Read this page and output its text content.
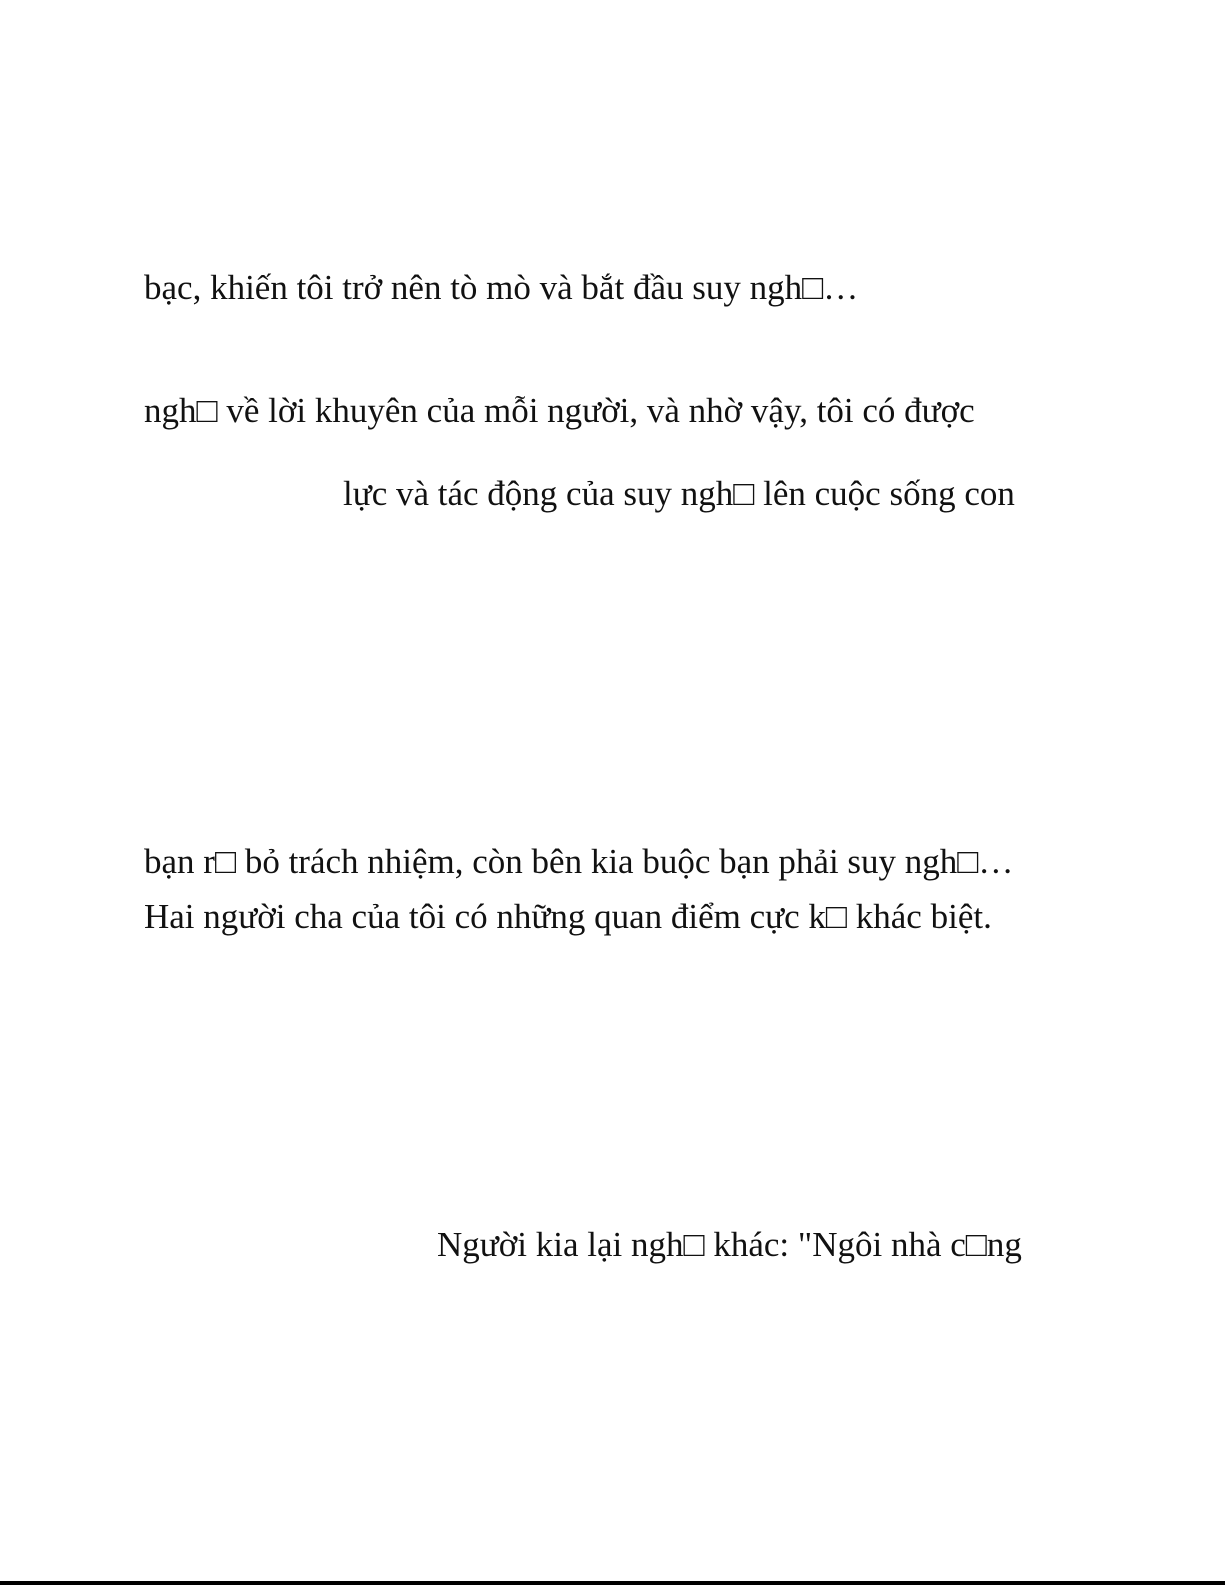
bạc, khiến tôi trở nên tò mò và bắt đầu suy ngh□…
ngh□ về lời khuyên của mỗi người, và nhờ vậy, tôi có được
lực và tác động của suy ngh□ lên cuộc sống con
bạn r□ bỏ trách nhiệm, còn bên kia buộc bạn phải suy ngh□…
Hai người cha của tôi có những quan điểm cực k□ khác biệt.
Người kia lại ngh□ khác: "Ngôi nhà c□ng
